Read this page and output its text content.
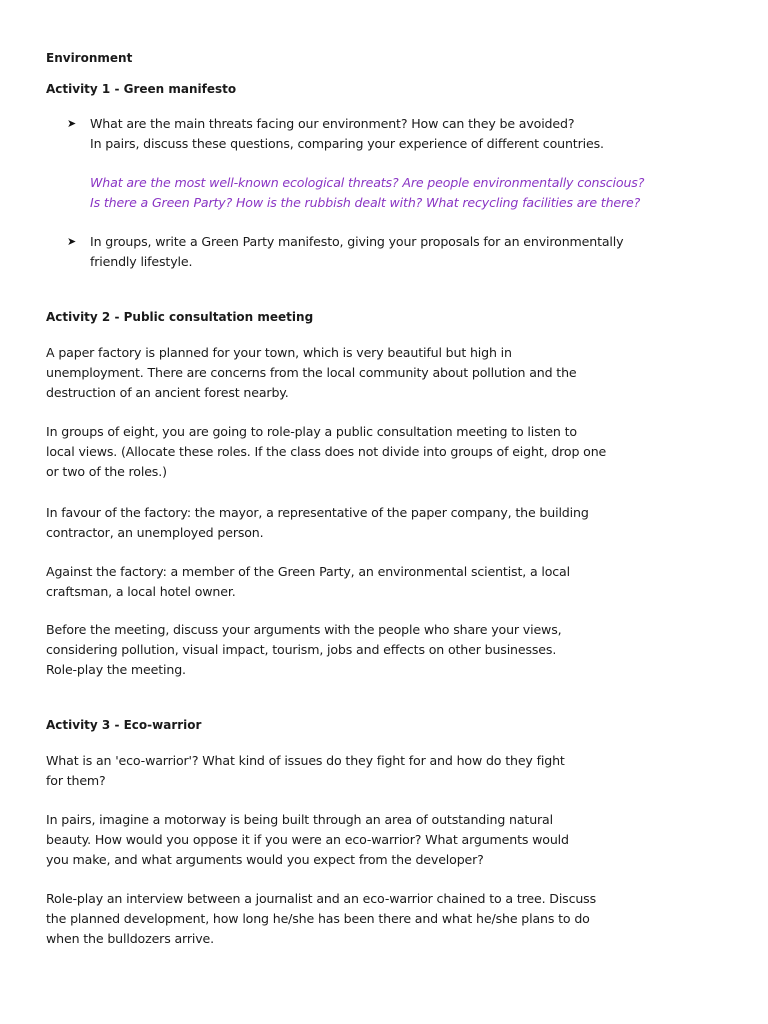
Environment
Activity 1 - Green manifesto
➤ What are the main threats facing our environment? How can they be avoided?
In pairs, discuss these questions, comparing your experience of different countries.
What are the most well-known ecological threats? Are people environmentally conscious?
Is there a Green Party? How is the rubbish dealt with? What recycling facilities are there?
➤ In groups, write a Green Party manifesto, giving your proposals for an environmentally
friendly lifestyle.
Activity 2 - Public consultation meeting
A paper factory is planned for your town, which is very beautiful but high in
unemployment. There are concerns from the local community about pollution and the
destruction of an ancient forest nearby.
In groups of eight, you are going to role-play a public consultation meeting to listen to
local views. (Allocate these roles. If the class does not divide into groups of eight, drop one
or two of the roles.)
In favour of the factory: the mayor, a representative of the paper company, the building
contractor, an unemployed person.
Against the factory: a member of the Green Party, an environmental scientist, a local
craftsman, a local hotel owner.
Before the meeting, discuss your arguments with the people who share your views,
considering pollution, visual impact, tourism, jobs and effects on other businesses.
Role-play the meeting.
Activity 3 - Eco-warrior
What is an 'eco-warrior'? What kind of issues do they fight for and how do they fight
for them?
In pairs, imagine a motorway is being built through an area of outstanding natural
beauty. How would you oppose it if you were an eco-warrior? What arguments would
you make, and what arguments would you expect from the developer?
Role-play an interview between a journalist and an eco-warrior chained to a tree. Discuss
the planned development, how long he/she has been there and what he/she plans to do
when the bulldozers arrive.
